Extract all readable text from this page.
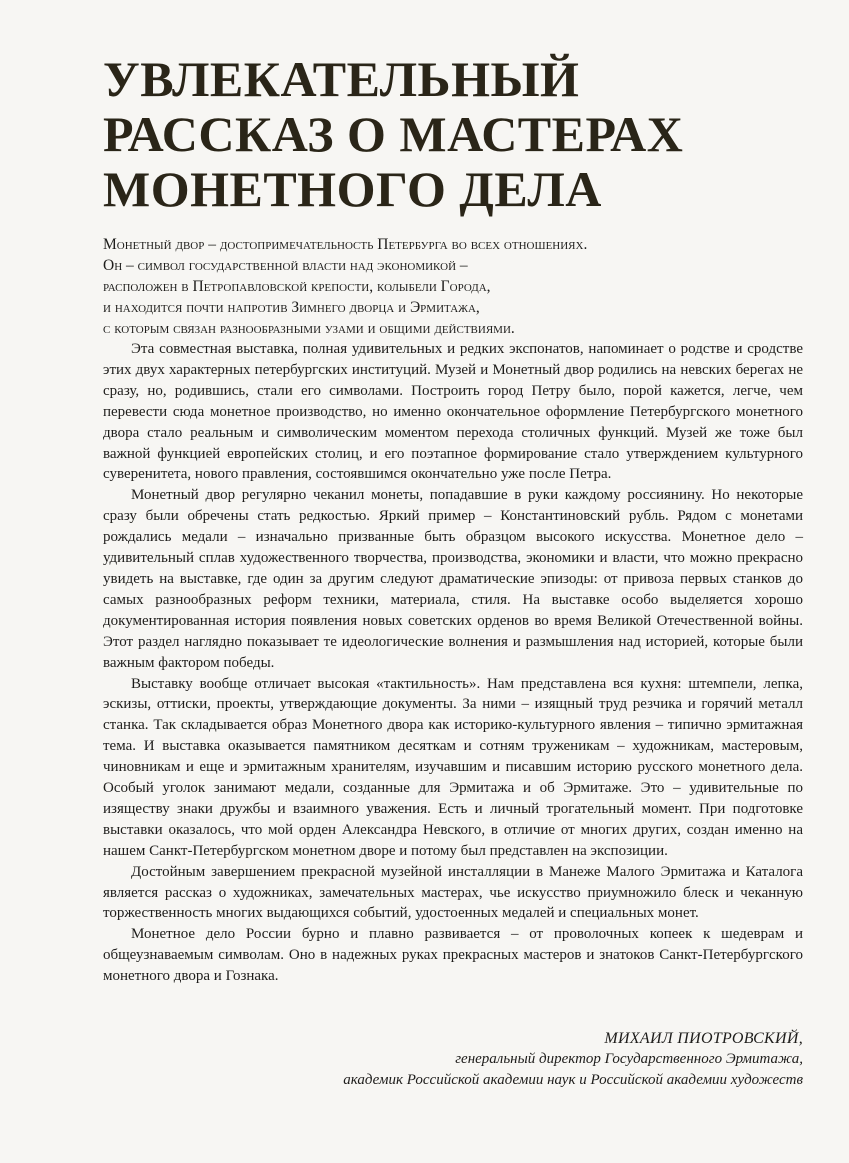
УВЛЕКАТЕЛЬНЫЙ
РАССКАЗ О МАСТЕРАХ
МОНЕТНОГО ДЕЛА
Монетный двор – достопримечательность Петербурга во всех отношениях.
Он – символ государственной власти над экономикой –
расположен в Петропавловской крепости, колыбели Города,
и находится почти напротив Зимнего дворца и Эрмитажа,
с которым связан разнообразными узами и общими действиями.

Эта совместная выставка, полная удивительных и редких экспонатов, напоминает о родстве и сродстве этих двух характерных петербургских институций. Музей и Монетный двор родились на невских берегах не сразу, но, родившись, стали его символами. Построить город Петру было, порой кажется, легче, чем перевести сюда монетное производство, но именно окончательное оформление Петербургского монетного двора стало реальным и символическим моментом перехода столичных функций. Музей же тоже был важной функцией европейских столиц, и его поэтапное формирование стало утверждением культурного суверенитета, нового правления, состоявшимся окончательно уже после Петра.

Монетный двор регулярно чеканил монеты, попадавшие в руки каждому россиянину. Но некоторые сразу были обречены стать редкостью. Яркий пример – Константиновский рубль. Рядом с монетами рождались медали – изначально призванные быть образцом высокого искусства. Монетное дело – удивительный сплав художественного творчества, производства, экономики и власти, что можно прекрасно увидеть на выставке, где один за другим следуют драматические эпизоды: от привоза первых станков до самых разнообразных реформ техники, материала, стиля. На выставке особо выделяется хорошо документированная история появления новых советских орденов во время Великой Отечественной войны. Этот раздел наглядно показывает те идеологические волнения и размышления над историей, которые были важным фактором победы.

Выставку вообще отличает высокая «тактильность». Нам представлена вся кухня: штемпели, лепка, эскизы, оттиски, проекты, утверждающие документы. За ними – изящный труд резчика и горячий металл станка. Так складывается образ Монетного двора как историко-культурного явления – типично эрмитажная тема. И выставка оказывается памятником десяткам и сотням труженикам – художникам, мастеровым, чиновникам и еще и эрмитажным хранителям, изучавшим и писавшим историю русского монетного дела. Особый уголок занимают медали, созданные для Эрмитажа и об Эрмитаже. Это – удивительные по изяществу знаки дружбы и взаимного уважения. Есть и личный трогательный момент. При подготовке выставки оказалось, что мой орден Александра Невского, в отличие от многих других, создан именно на нашем Санкт-Петербургском монетном дворе и потому был представлен на экспозиции.

Достойным завершением прекрасной музейной инсталляции в Манеже Малого Эрмитажа и Каталога является рассказ о художниках, замечательных мастерах, чье искусство приумножило блеск и чеканную торжественность многих выдающихся событий, удостоенных медалей и специальных монет.

Монетное дело России бурно и плавно развивается – от проволочных копеек к шедеврам и общеузнаваемым символам. Оно в надежных руках прекрасных мастеров и знатоков Санкт-Петербургского монетного двора и Гознака.

МИХАИЛ ПИОТРОВСКИЙ,
генеральный директор Государственного Эрмитажа,
академик Российской академии наук и Российской академии художеств
